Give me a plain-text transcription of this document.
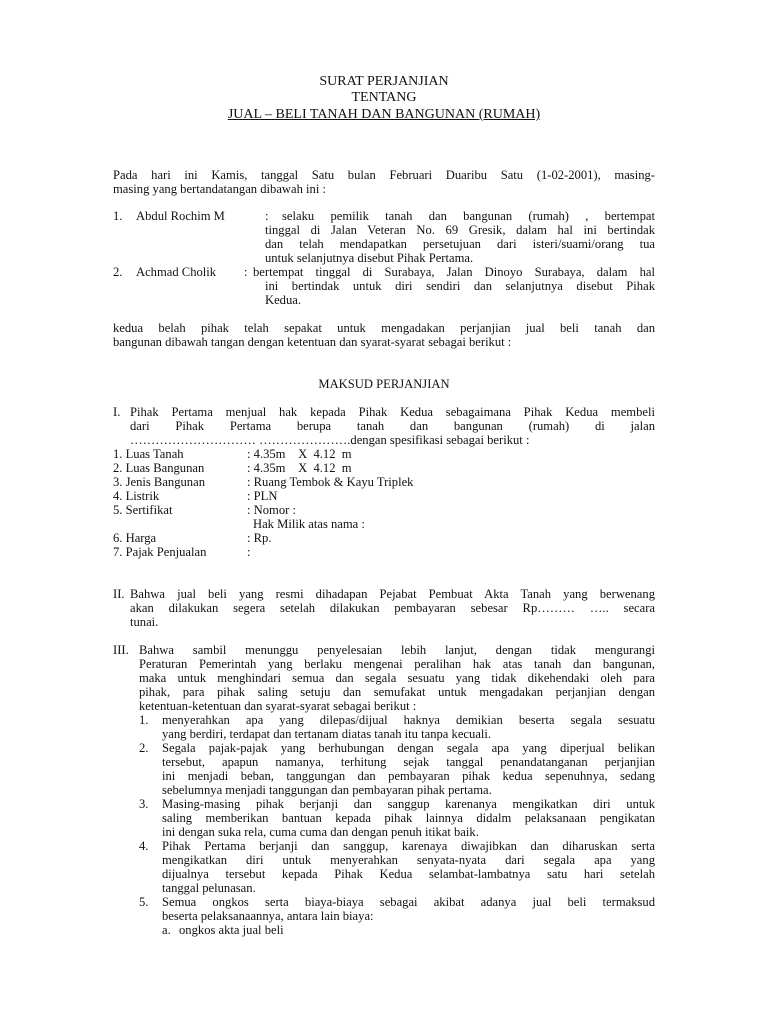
SURAT PERJANJIAN
TENTANG
JUAL – BELI TANAH DAN BANGUNAN (RUMAH)
Pada hari ini Kamis, tanggal Satu bulan Februari Duaribu Satu (1-02-2001), masing-
masing yang bertandatangan dibawah ini :
1. Abdul Rochim M	: selaku pemilik tanah dan bangunan (rumah) , bertempat
tinggal di Jalan Veteran No. 69 Gresik, dalam hal ini bertindak
dan telah mendapatkan persetujuan dari isteri/suami/orang tua
untuk selanjutnya disebut Pihak Pertama.
2. Achmad Cholik : bertempat tinggal di Surabaya, Jalan Dinoyo Surabaya, dalam hal
ini bertindak untuk diri sendiri dan selanjutnya disebut Pihak
Kedua.
kedua belah pihak telah sepakat untuk mengadakan perjanjian jual beli tanah dan
bangunan dibawah tangan dengan ketentuan dan syarat-syarat sebagai berikut :
MAKSUD PERJANJIAN
I. Pihak Pertama menjual hak kepada Pihak Kedua sebagaimana Pihak Kedua membeli
dari Pihak Pertama berupa tanah dan bangunan (rumah) di jalan
………………………… ………………….dengan spesifikasi sebagai berikut :
1. Luas Tanah	: 4.35m    X  4.12  m
2. Luas Bangunan	: 4.35m    X  4.12  m
3. Jenis Bangunan	: Ruang Tembok & Kayu Triplek
4. Listrik	: PLN
5. Sertifikat	: Nomor :
Hak Milik atas nama :
6. Harga	: Rp.
7. Pajak Penjualan	:
II. Bahwa jual beli yang resmi dihadapan Pejabat Pembuat Akta Tanah yang berwenang
akan dilakukan segera setelah dilakukan pembayaran sebesar Rp……… ….. secara
tunai.
III. Bahwa sambil menunggu penyelesaian lebih lanjut, dengan tidak mengurangi
Peraturan Pemerintah yang berlaku mengenai peralihan hak atas tanah dan bangunan,
maka untuk menghindari semua dan segala sesuatu yang tidak dikehendaki oleh para
pihak, para pihak saling setuju dan semufakat untuk mengadakan perjanjian dengan
ketentuan-ketentuan dan syarat-syarat sebagai berikut :
1. menyerahkan apa yang dilepas/dijual haknya demikian beserta segala sesuatu
yang berdiri, terdapat dan tertanam diatas tanah itu tanpa kecuali.
2. Segala pajak-pajak yang berhubungan dengan segala apa yang diperjual belikan
tersebut, apapun namanya, terhitung sejak tanggal penandatanganan perjanjian
ini menjadi beban, tanggungan dan pembayaran pihak kedua sepenuhnya, sedang
sebelumnya menjadi tanggungan dan pembayaran pihak pertama.
3. Masing-masing pihak berjanji dan sanggup karenanya mengikatkan diri untuk
saling memberikan bantuan kepada pihak lainnya didalm pelaksanaan pengikatan
ini dengan suka rela, cuma cuma dan dengan penuh itikat baik.
4. Pihak Pertama berjanji dan sanggup, karenaya diwajibkan dan diharuskan serta
mengikatkan diri untuk menyerahkan senyata-nyata dari segala apa yang
dijualnya tersebut kepada Pihak Kedua selambat-lambatnya satu hari setelah
tanggal pelunasan.
5. Semua ongkos serta biaya-biaya sebagai akibat adanya jual beli termaksud
beserta pelaksanaannya, antara lain biaya:
a. ongkos akta jual beli
